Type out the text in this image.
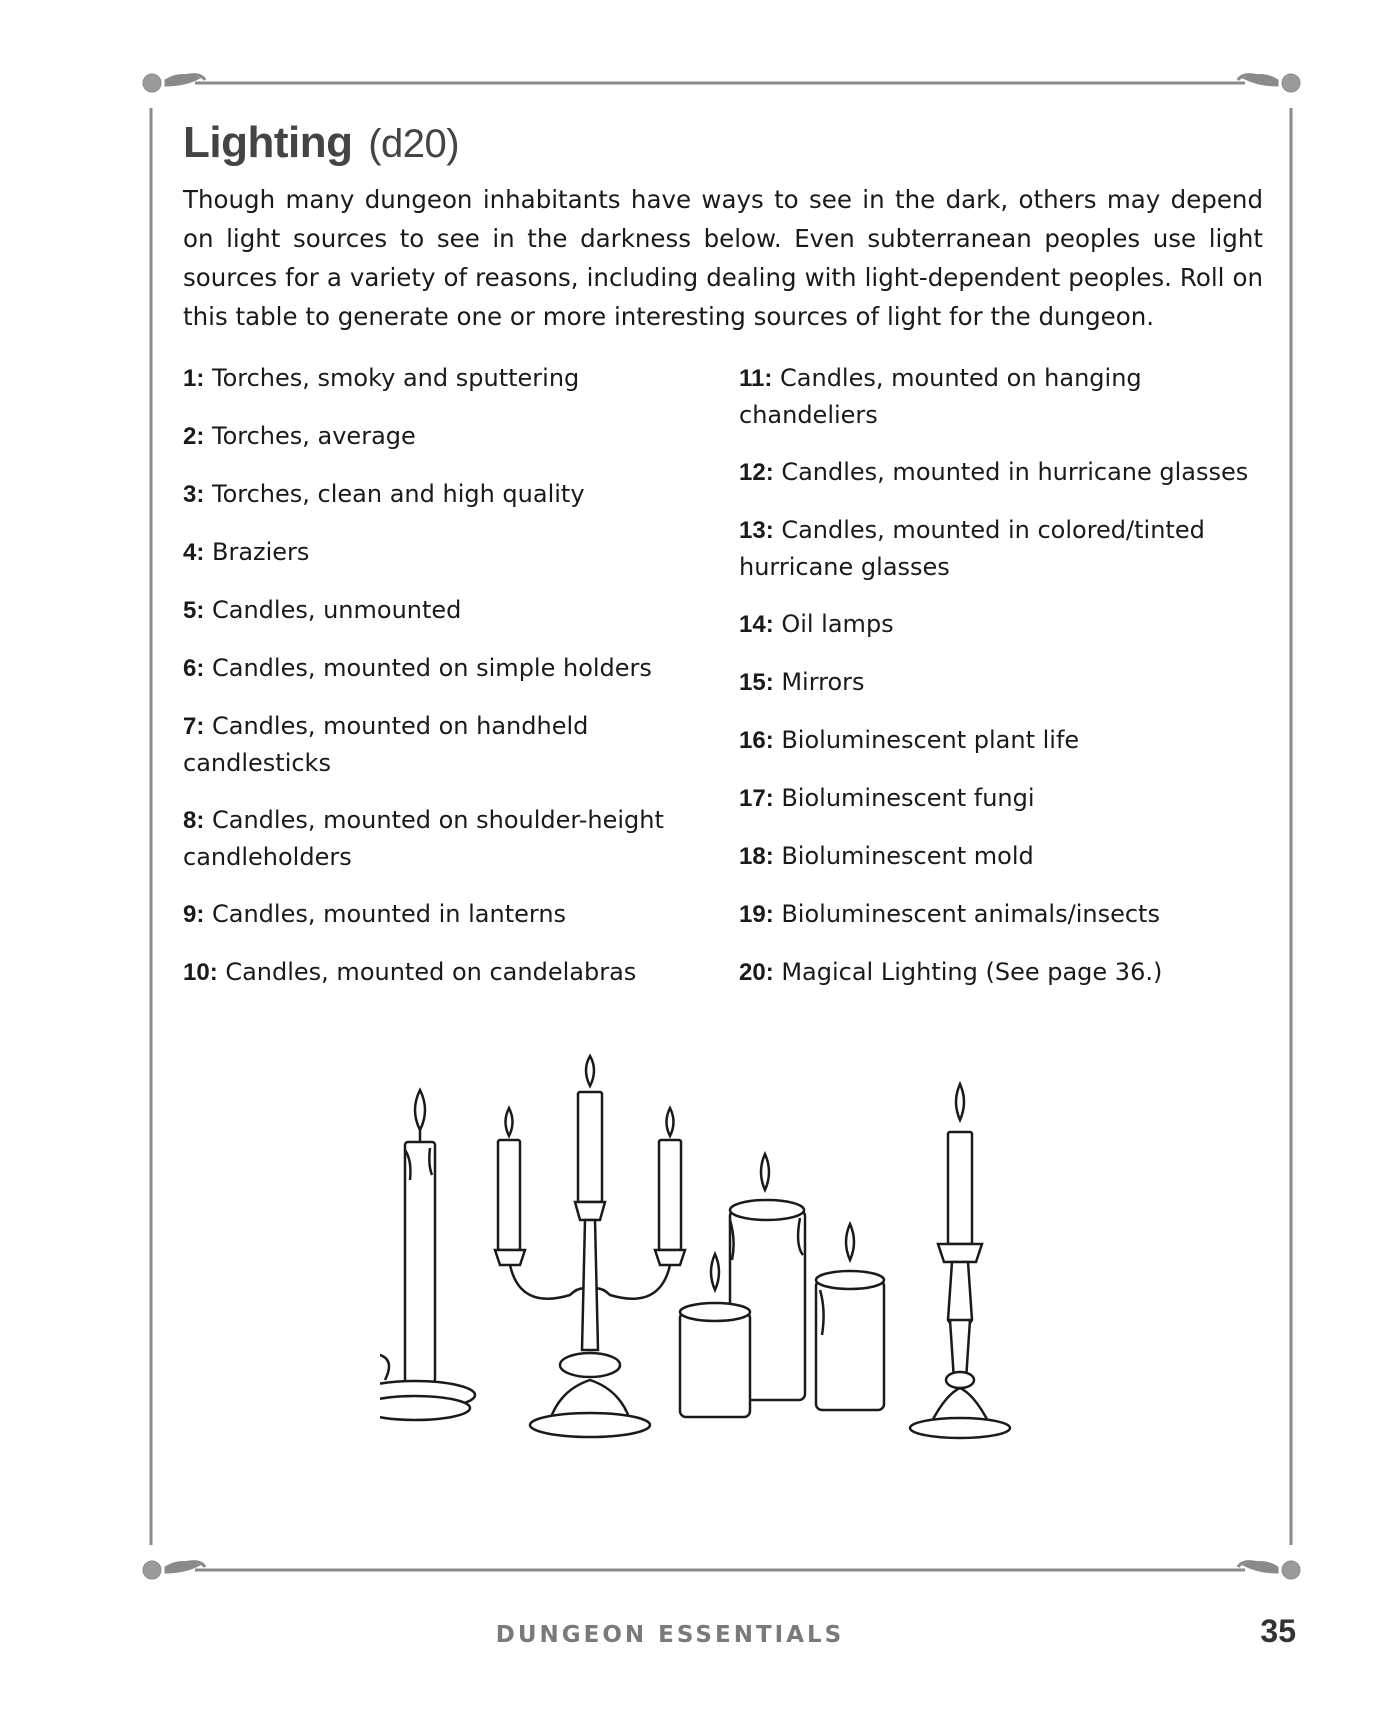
Lighting (d20)

Though many dungeon inhabitants have ways to see in the dark, others may depend on light sources to see in the darkness below. Even subterranean peoples use light sources for a variety of reasons, including dealing with light-dependent peoples. Roll on this table to generate one or more interesting sources of light for the dungeon.

1: Torches, smoky and sputtering

2: Torches, average

3: Torches, clean and high quality

4: Braziers

5: Candles, unmounted

6: Candles, mounted on simple holders

7: Candles, mounted on handheld candlesticks

8: Candles, mounted on shoulder-height candleholders

9: Candles, mounted in lanterns

10: Candles, mounted on candelabras

11: Candles, mounted on hanging chandeliers

12: Candles, mounted in hurricane glasses

13: Candles, mounted in colored/tinted hurricane glasses

14: Oil lamps

15: Mirrors

16: Bioluminescent plant life

17: Bioluminescent fungi

18: Bioluminescent mold

19: Bioluminescent animals/insects

20: Magical Lighting (See page 36.)

DUNGEON ESSENTIALS	35
